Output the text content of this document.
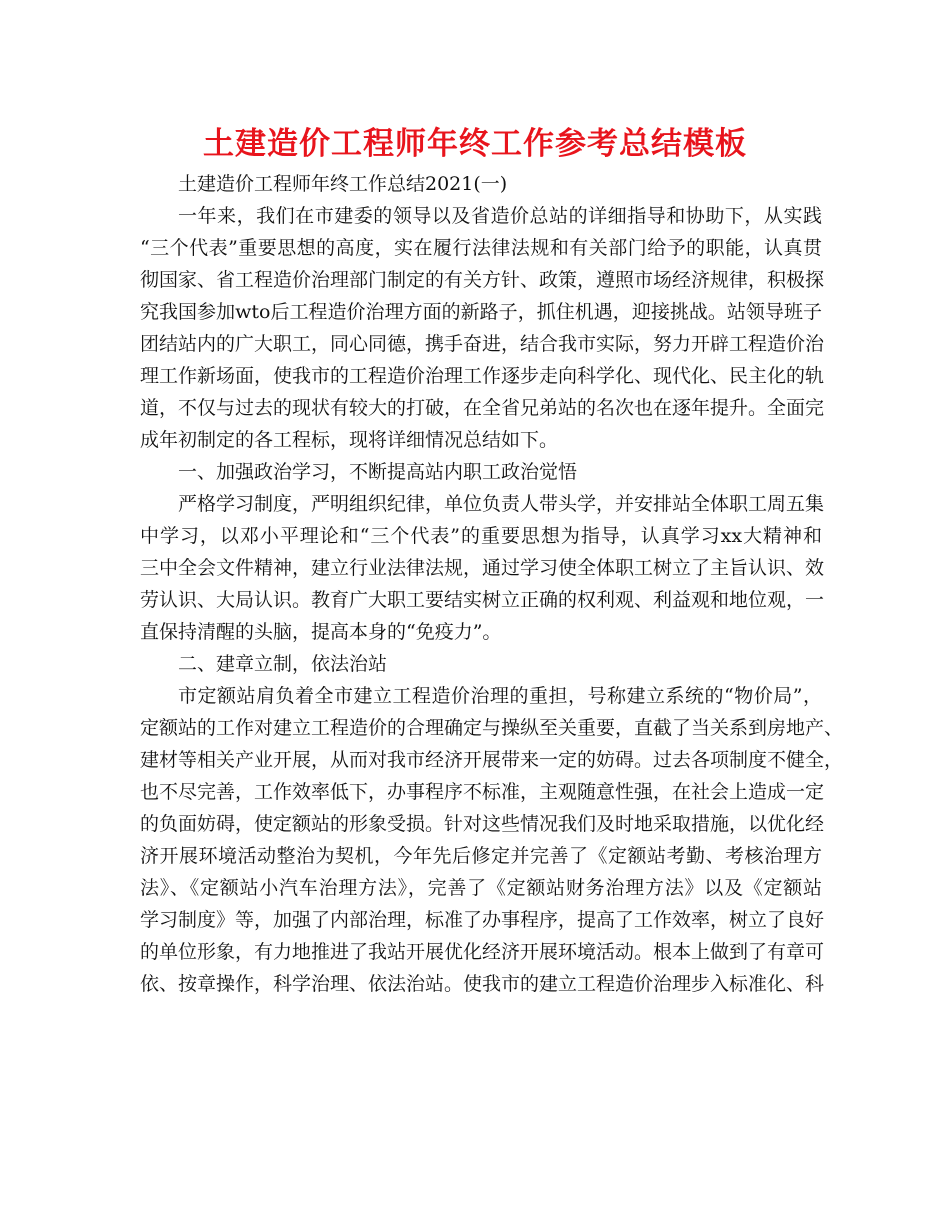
土建造价工程师年终工作参考总结模板
土建造价工程师年终工作总结2021(一)
一年来，我们在市建委的领导以及省造价总站的详细指导和协助下，从实践
“三个代表”重要思想的高度，实在履行法律法规和有关部门给予的职能，认真贯
彻国家、省工程造价治理部门制定的有关方针、政策，遵照市场经济规律，积极探
究我国参加wto后工程造价治理方面的新路子，抓住机遇，迎接挑战。站领导班子
团结站内的广大职工，同心同德，携手奋进，结合我市实际，努力开辟工程造价治
理工作新场面，使我市的工程造价治理工作逐步走向科学化、现代化、民主化的轨
道，不仅与过去的现状有较大的打破，在全省兄弟站的名次也在逐年提升。全面完
成年初制定的各工程标，现将详细情况总结如下。
一、加强政治学习，不断提高站内职工政治觉悟
严格学习制度，严明组织纪律，单位负责人带头学，并安排站全体职工周五集
中学习，以邓小平理论和“三个代表”的重要思想为指导，认真学习xx大精神和
三中全会文件精神，建立行业法律法规，通过学习使全体职工树立了主旨认识、效
劳认识、大局认识。教育广大职工要结实树立正确的权利观、利益观和地位观，一
直保持清醒的头脑，提高本身的“免疫力”。
二、建章立制，依法治站
市定额站肩负着全市建立工程造价治理的重担，号称建立系统的“物价局”，
定额站的工作对建立工程造价的合理确定与操纵至关重要，直截了当关系到房地产、
建材等相关产业开展，从而对我市经济开展带来一定的妨碍。过去各项制度不健全，
也不尽完善，工作效率低下，办事程序不标准，主观随意性强，在社会上造成一定
的负面妨碍，使定额站的形象受损。针对这些情况我们及时地采取措施，以优化经
济开展环境活动整治为契机，今年先后修定并完善了《定额站考勤、考核治理方
法》、《定额站小汽车治理方法》，完善了《定额站财务治理方法》以及《定额站
学习制度》等，加强了内部治理，标准了办事程序，提高了工作效率，树立了良好
的单位形象，有力地推进了我站开展优化经济开展环境活动。根本上做到了有章可
依、按章操作，科学治理、依法治站。使我市的建立工程造价治理步入标准化、科
